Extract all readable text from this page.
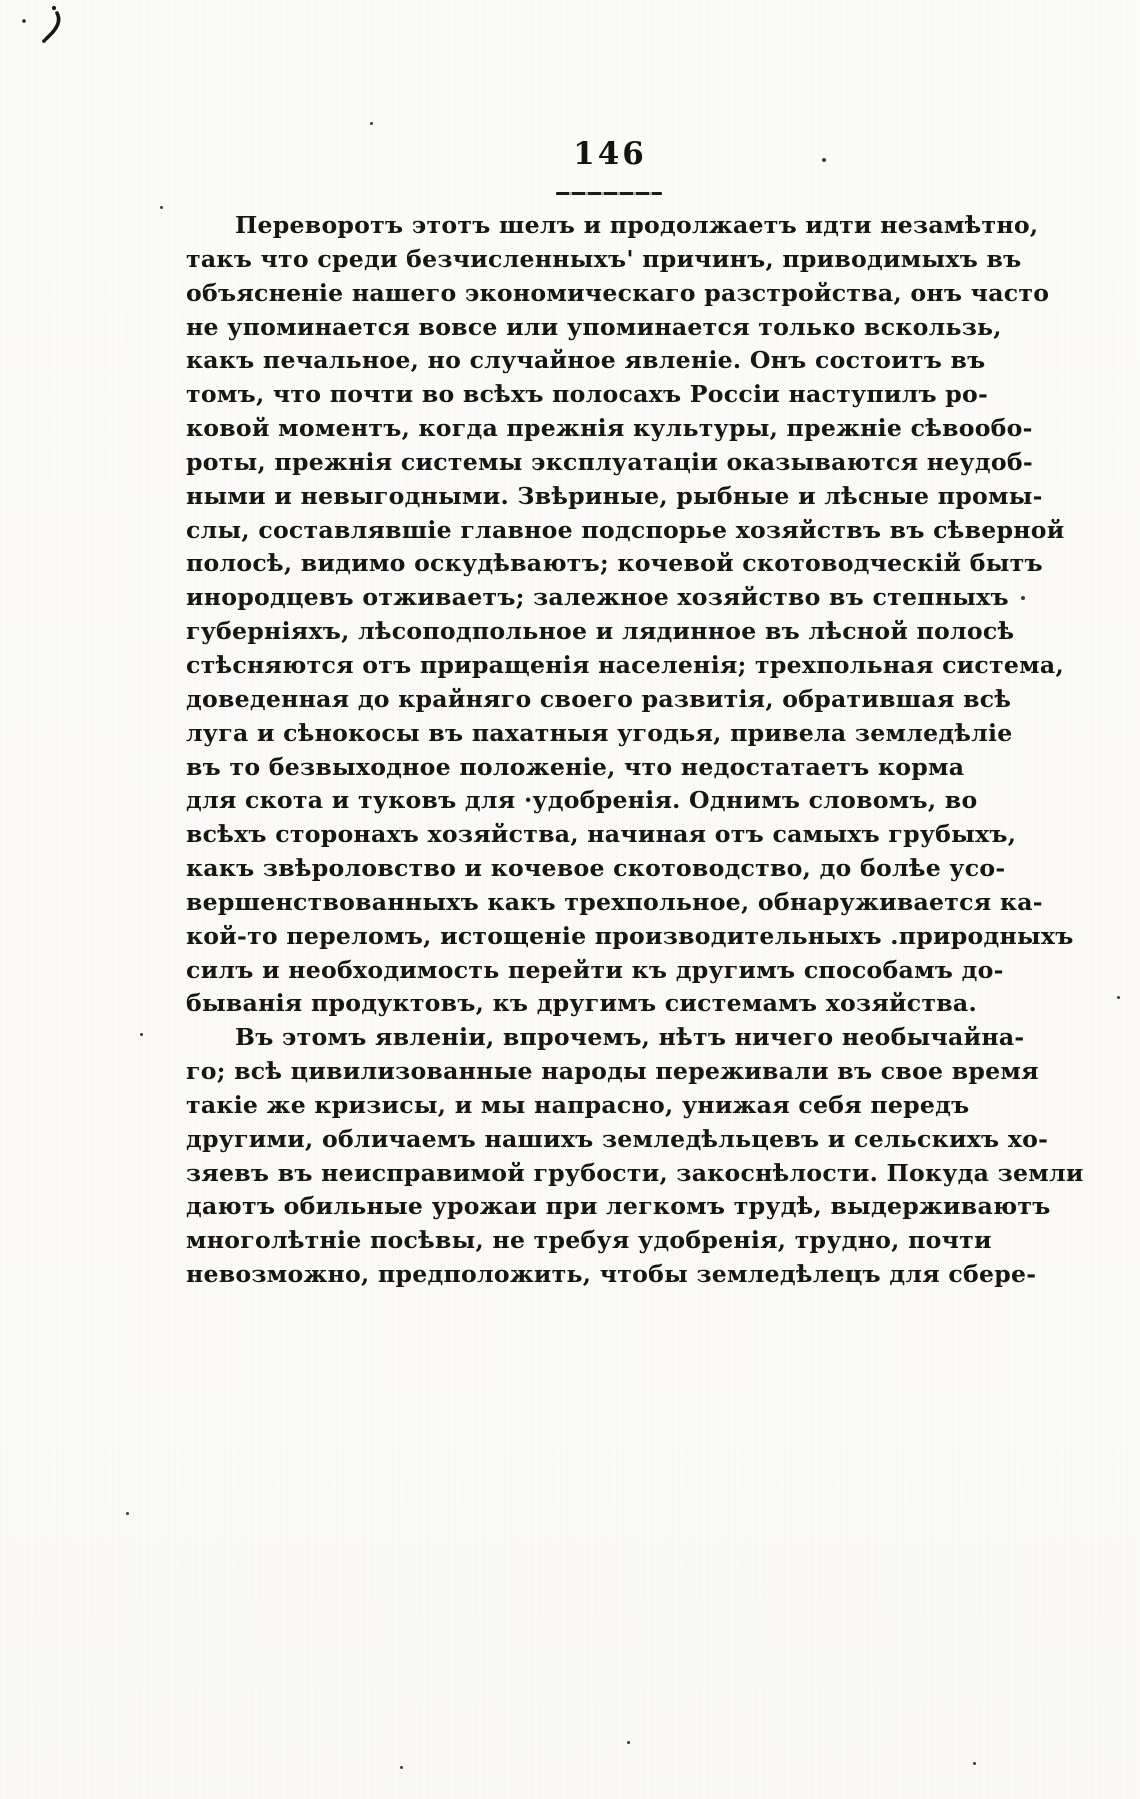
146
Переворотъ этотъ шелъ и продолжаетъ идти незамѣтно,
такъ что среди безчисленныхъ' причинъ, приводимыхъ въ
объясненіе нашего экономическаго разстройства, онъ часто
не упоминается вовсе или упоминается только вскользь,
какъ печальное, но случайное явленіе. Онъ состоитъ въ
томъ, что почти во всѣхъ полосахъ Россіи наступилъ ро-
ковой моментъ, когда прежнія культуры, прежніе сѣвообо-
роты, прежнія системы эксплуатаціи оказываются неудоб-
ными и невыгодными. Звѣриные, рыбные и лѣсные промы-
слы, составлявшіе главное подспорье хозяйствъ въ сѣверной
полосѣ, видимо оскудѣваютъ; кочевой скотоводческій бытъ
инородцевъ отживаетъ; залежное хозяйство въ степныхъ
губерніяхъ, лѣсоподпольное и лядинное въ лѣсной полосѣ
стѣсняются отъ приращенія населенія; трехпольная система,
доведенная до крайняго своего развитія, обратившая всѣ
луга и сѣнокосы въ пахатныя угодья, привела земледѣліе
въ то безвыходное положеніе, что недостатаетъ корма
для скота и туковъ для ·удобренія. Однимъ словомъ, во
всѣхъ сторонахъ хозяйства, начиная отъ самыхъ грубыхъ,
какъ звѣроловство и кочевое скотоводство, до болѣе усо-
вершенствованныхъ какъ трехпольное, обнаруживается ка-
кой-то переломъ, истощеніе производительныхъ .природныхъ
силъ и необходимость перейти къ другимъ способамъ до-
быванія продуктовъ, къ другимъ системамъ хозяйства.
Въ этомъ явленіи, впрочемъ, нѣтъ ничего необычайна-
го; всѣ цивилизованные народы переживали въ свое время
такіе же кризисы, и мы напрасно, унижая себя передъ
другими, обличаемъ нашихъ земледѣльцевъ и сельскихъ хо-
зяевъ въ неисправимой грубости, закоснѣлости. Покуда земли
даютъ обильные урожаи при легкомъ трудѣ, выдерживаютъ
многолѣтніе посѣвы, не требуя удобренія, трудно, почти
невозможно, предположить, чтобы земледѣлецъ для сбере-
